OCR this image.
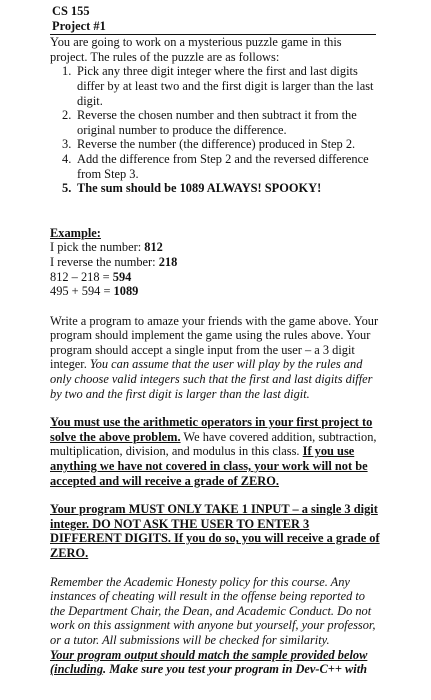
CS 155
Project #1

You are going to work on a mysterious puzzle game in this project. The rules of the puzzle are as follows:

1. Pick any three digit integer where the first and last digits differ by at least two and the first digit is larger than the last digit.
2. Reverse the chosen number and then subtract it from the original number to produce the difference.
3. Reverse the number (the difference) produced in Step 2.
4. Add the difference from Step 2 and the reversed difference from Step 3.
5. The sum should be 1089 ALWAYS! SPOOKY!
Example:
I pick the number: 812
I reverse the number: 218
812 – 218 = 594
495 + 594 = 1089

Write a program to amaze your friends with the game above. Your program should implement the game using the rules above. Your program should accept a single input from the user – a 3 digit integer. You can assume that the user will play by the rules and only choose valid integers such that the first and last digits differ by two and the first digit is larger than the last digit.

You must use the arithmetic operators in your first project to solve the above problem. We have covered addition, subtraction, multiplication, division, and modulus in this class. If you use anything we have not covered in class, your work will not be accepted and will receive a grade of ZERO.

Your program MUST ONLY TAKE 1 INPUT – a single 3 digit integer. DO NOT ASK THE USER TO ENTER 3 DIFFERENT DIGITS. If you do so, you will receive a grade of ZERO.

Remember the Academic Honesty policy for this course. Any instances of cheating will result in the offense being reported to the Department Chair, the Dean, and Academic Conduct. Do not work on this assignment with anyone but yourself, your professor, or a tutor. All submissions will be checked for similarity.

Your program output should match the sample provided below (including. Make sure you test your program in Dev-C++ with
